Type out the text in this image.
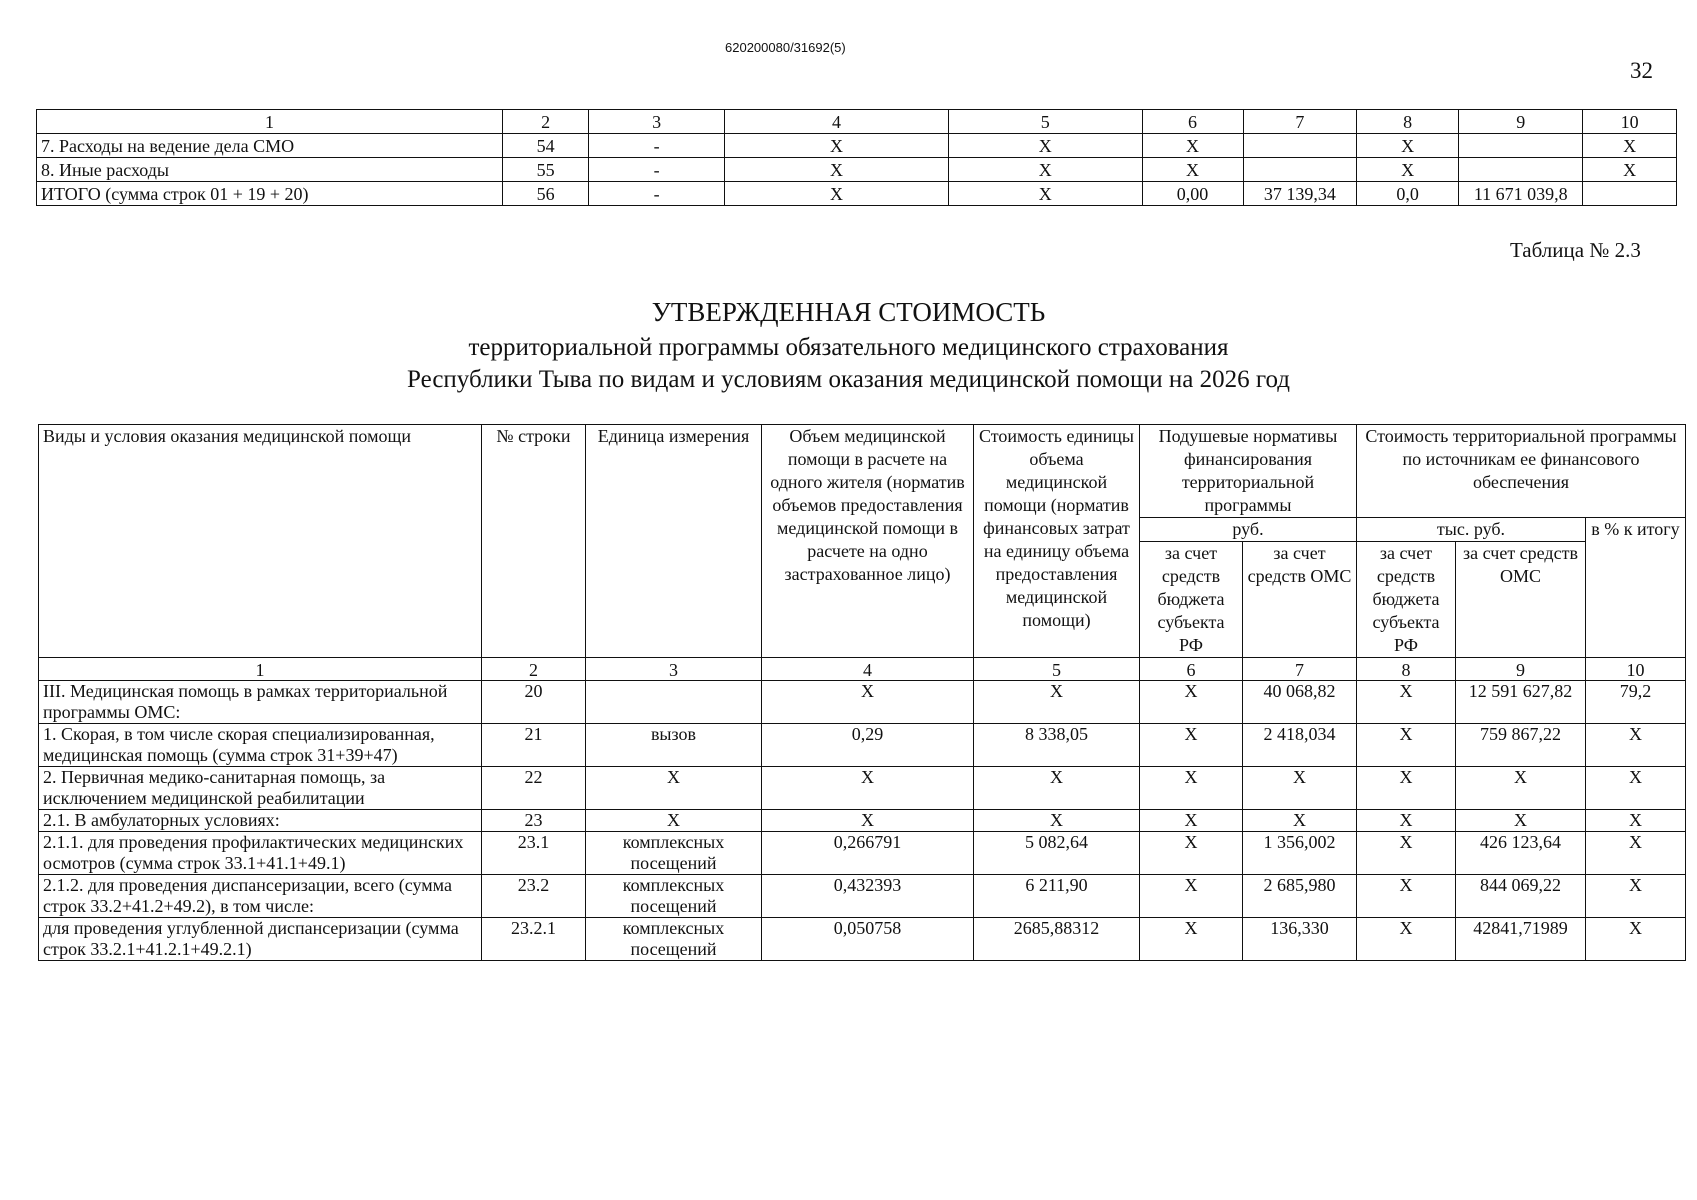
620200080/31692(5)
32
1	2	3	4	5	6	7	8	9	10
7. Расходы на ведение дела СМО	54	-	X	X	X		X		X
8. Иные расходы	55	-	X	X	X		X		X
ИТОГО (сумма строк 01 + 19 + 20)	56	-	X	X	0,00	37 139,34	0,0	11 671 039,8	
Таблица № 2.3
УТВЕРЖДЕННАЯ СТОИМОСТЬ
территориальной программы обязательного медицинского страхования
Республики Тыва по видам и условиям оказания медицинской помощи на 2026 год
Виды и условия оказания медицинской помощи	№ строки	Единица измерения	Объем медицинской помощи в расчете на одного жителя (норматив объемов предоставления медицинской помощи в расчете на одно застрахованное лицо)	Стоимость единицы объема медицинской помощи (норматив финансовых затрат на единицу объема предоставления медицинской помощи)	Подушевые нормативы финансирования территориальной программы		Стоимость территориальной программы по источникам ее финансового обеспечения		
					руб.		тыс. руб.		в % к итогу
					за счет средств бюджета субъекта РФ	за счет средств ОМС	за счет средств бюджета субъекта РФ	за счет средств ОМС	
1	2	3	4	5	6	7	8	9	10
III. Медицинская помощь в рамках территориальной программы ОМС:	20		X	X	X	40 068,82	X	12 591 627,82	79,2
1. Скорая, в том числе скорая специализированная, медицинская помощь (сумма строк 31+39+47)	21	вызов	0,29	8 338,05	X	2 418,034	X	759 867,22	X
2. Первичная медико-санитарная помощь, за исключением медицинской реабилитации	22	X	X	X	X	X	X	X	X
2.1. В амбулаторных условиях:	23	X	X	X	X	X	X	X	X
2.1.1. для проведения профилактических медицинских осмотров (сумма строк 33.1+41.1+49.1)	23.1	комплексных посещений	0,266791	5 082,64	X	1 356,002	X	426 123,64	X
2.1.2. для проведения диспансеризации, всего (сумма строк 33.2+41.2+49.2), в том числе:	23.2	комплексных посещений	0,432393	6 211,90	X	2 685,980	X	844 069,22	X
для проведения углубленной диспансеризации (сумма строк 33.2.1+41.2.1+49.2.1)	23.2.1	комплексных посещений	0,050758	2685,88312	X	136,330	X	42841,71989	X
